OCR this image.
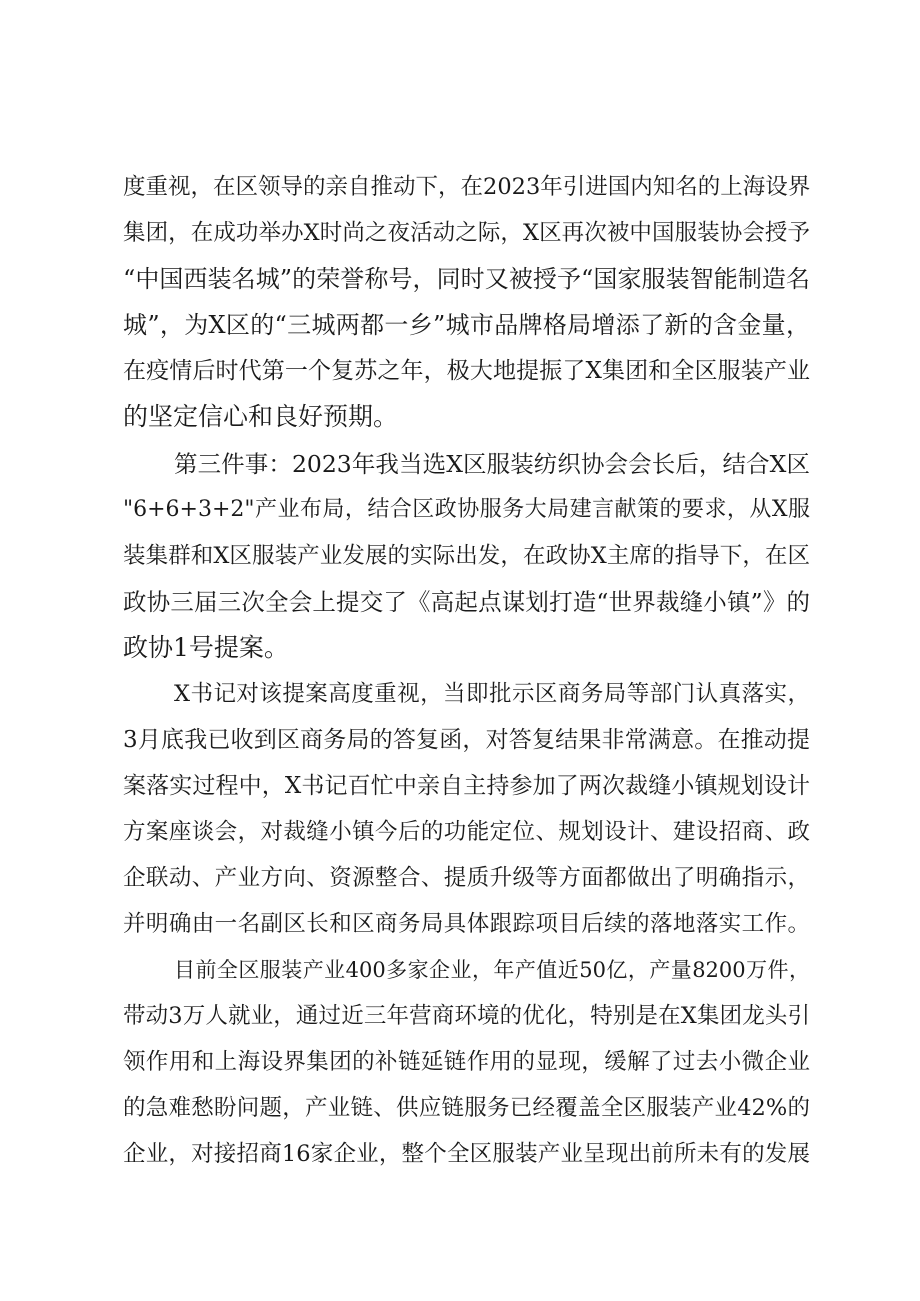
度重视，在区领导的亲自推动下，在2023年引进国内知名的上海设界
集团，在成功举办X时尚之夜活动之际，X区再次被中国服装协会授予
“中国西装名城”的荣誉称号，同时又被授予“国家服装智能制造名
城”，为X区的“三城两都一乡”城市品牌格局增添了新的含金量，
在疫情后时代第一个复苏之年，极大地提振了X集团和全区服装产业
的坚定信心和良好预期。
第三件事：2023年我当选X区服装纺织协会会长后，结合X区
"6+6+3+2"产业布局，结合区政协服务大局建言献策的要求，从X服
装集群和X区服装产业发展的实际出发，在政协X主席的指导下，在区
政协三届三次全会上提交了《高起点谋划打造“世界裁缝小镇”》的
政协1号提案。
X书记对该提案高度重视，当即批示区商务局等部门认真落实，
3月底我已收到区商务局的答复函，对答复结果非常满意。在推动提
案落实过程中，X书记百忙中亲自主持参加了两次裁缝小镇规划设计
方案座谈会，对裁缝小镇今后的功能定位、规划设计、建设招商、政
企联动、产业方向、资源整合、提质升级等方面都做出了明确指示，
并明确由一名副区长和区商务局具体跟踪项目后续的落地落实工作。
目前全区服装产业400多家企业，年产值近50亿，产量8200万件，
带动3万人就业，通过近三年营商环境的优化，特别是在X集团龙头引
领作用和上海设界集团的补链延链作用的显现，缓解了过去小微企业
的急难愁盼问题，产业链、供应链服务已经覆盖全区服装产业42%的
企业，对接招商16家企业，整个全区服装产业呈现出前所未有的发展
